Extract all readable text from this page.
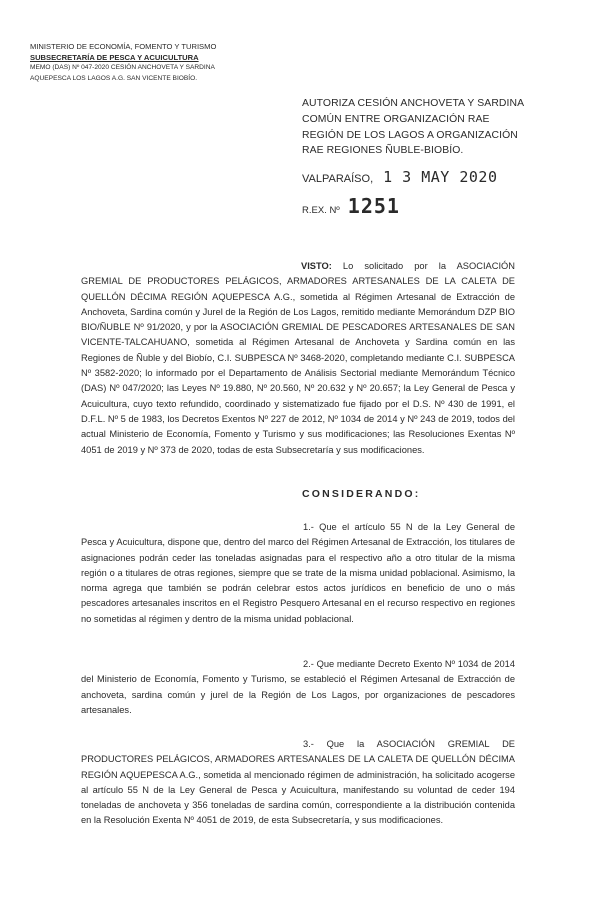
MINISTERIO DE ECONOMÍA, FOMENTO Y TURISMO
SUBSECRETARÍA DE PESCA Y ACUICULTURA
MEMO (DAS) Nº 047-2020 CESIÓN ANCHOVETA Y SARDINA
AQUEPESCA LOS LAGOS A.G. SAN VICENTE BIOBÍO.
AUTORIZA CESIÓN ANCHOVETA Y SARDINA COMÚN ENTRE ORGANIZACIÓN RAE REGIÓN DE LOS LAGOS A ORGANIZACIÓN RAE REGIONES ÑUBLE-BIOBÍO.
VALPARAÍSO, 1 3 MAY 2020
R.EX. Nº 1251
VISTO: Lo solicitado por la ASOCIACIÓN GREMIAL DE PRODUCTORES PELÁGICOS, ARMADORES ARTESANALES DE LA CALETA DE QUELLÓN DÉCIMA REGIÓN AQUEPESCA A.G., sometida al Régimen Artesanal de Extracción de Anchoveta, Sardina común y Jurel de la Región de Los Lagos, remitido mediante Memorándum DZP BIO BIO/ÑUBLE Nº 91/2020, y por la ASOCIACIÓN GREMIAL DE PESCADORES ARTESANALES DE SAN VICENTE-TALCAHUANO, sometida al Régimen Artesanal de Anchoveta y Sardina común en las Regiones de Ñuble y del Biobío, C.I. SUBPESCA Nº 3468-2020, completando mediante C.I. SUBPESCA Nº 3582-2020; lo informado por el Departamento de Análisis Sectorial mediante Memorándum Técnico (DAS) Nº 047/2020; las Leyes Nº 19.880, Nº 20.560, Nº 20.632 y Nº 20.657; la Ley General de Pesca y Acuicultura, cuyo texto refundido, coordinado y sistematizado fue fijado por el D.S. Nº 430 de 1991, el D.F.L. Nº 5 de 1983, los Decretos Exentos Nº 227 de 2012, Nº 1034 de 2014 y Nº 243 de 2019, todos del actual Ministerio de Economía, Fomento y Turismo y sus modificaciones; las Resoluciones Exentas Nº 4051 de 2019 y Nº 373 de 2020, todas de esta Subsecretaría y sus modificaciones.
CONSIDERANDO:
1.- Que el artículo 55 N de la Ley General de Pesca y Acuicultura, dispone que, dentro del marco del Régimen Artesanal de Extracción, los titulares de asignaciones podrán ceder las toneladas asignadas para el respectivo año a otro titular de la misma región o a titulares de otras regiones, siempre que se trate de la misma unidad poblacional. Asimismo, la norma agrega que también se podrán celebrar estos actos jurídicos en beneficio de uno o más pescadores artesanales inscritos en el Registro Pesquero Artesanal en el recurso respectivo en regiones no sometidas al régimen y dentro de la misma unidad poblacional.
2.- Que mediante Decreto Exento Nº 1034 de 2014 del Ministerio de Economía, Fomento y Turismo, se estableció el Régimen Artesanal de Extracción de anchoveta, sardina común y jurel de la Región de Los Lagos, por organizaciones de pescadores artesanales.
3.- Que la ASOCIACIÓN GREMIAL DE PRODUCTORES PELÁGICOS, ARMADORES ARTESANALES DE LA CALETA DE QUELLÓN DÉCIMA REGIÓN AQUEPESCA A.G., sometida al mencionado régimen de administración, ha solicitado acogerse al artículo 55 N de la Ley General de Pesca y Acuicultura, manifestando su voluntad de ceder 194 toneladas de anchoveta y 356 toneladas de sardina común, correspondiente a la distribución contenida en la Resolución Exenta Nº 4051 de 2019, de esta Subsecretaría, y sus modificaciones.
